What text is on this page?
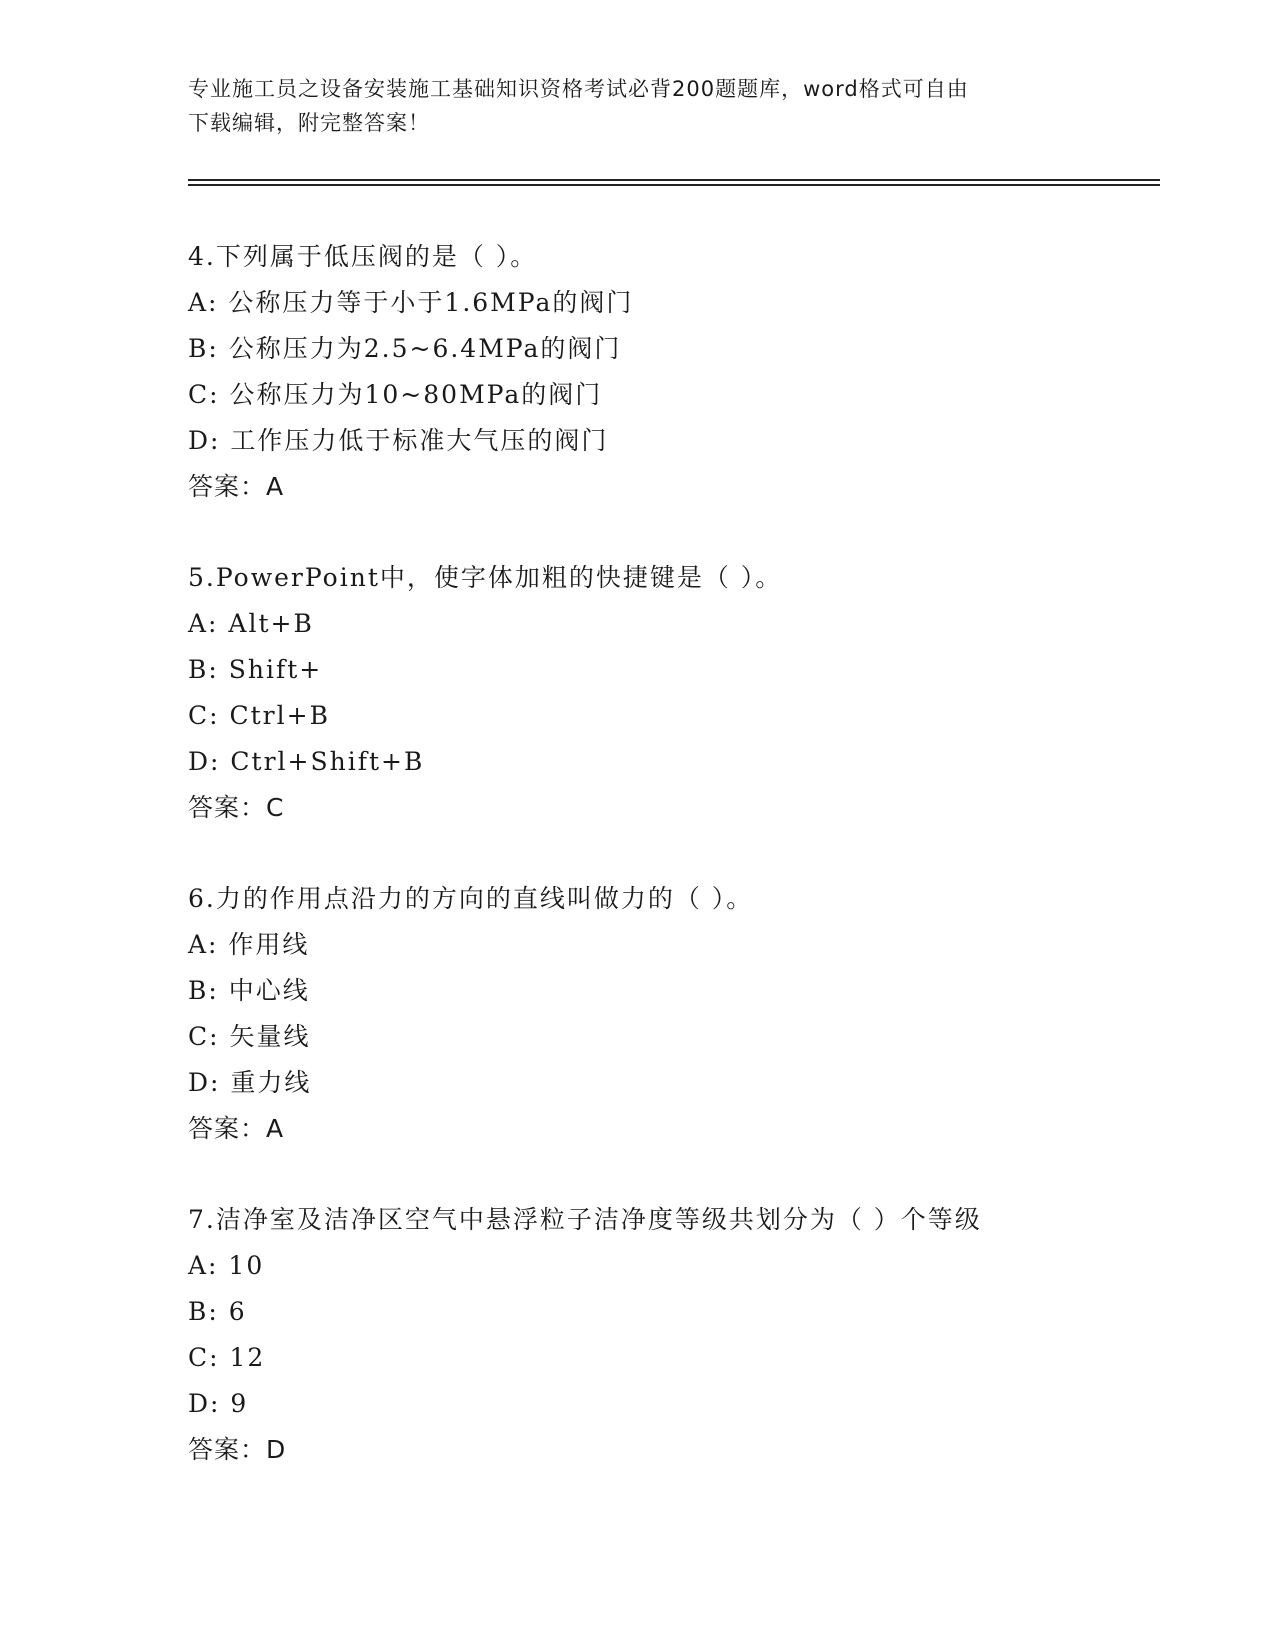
专业施工员之设备安装施工基础知识资格考试必背200题题库，word格式可自由
下载编辑，附完整答案！
4.下列属于低压阀的是（ ）。
A: 公称压力等于小于1.6MPa的阀门
B: 公称压力为2.5~6.4MPa的阀门
C: 公称压力为10~80MPa的阀门
D: 工作压力低于标准大气压的阀门
答案：A
5.PowerPoint中，使字体加粗的快捷键是（ ）。
A: Alt+B
B: Shift+
C: Ctrl+B
D: Ctrl+Shift+B
答案：C
6.力的作用点沿力的方向的直线叫做力的（ ）。
A: 作用线
B: 中心线
C: 矢量线
D: 重力线
答案：A
7.洁净室及洁净区空气中悬浮粒子洁净度等级共划分为（ ）个等级
A: 10
B: 6
C: 12
D: 9
答案：D
